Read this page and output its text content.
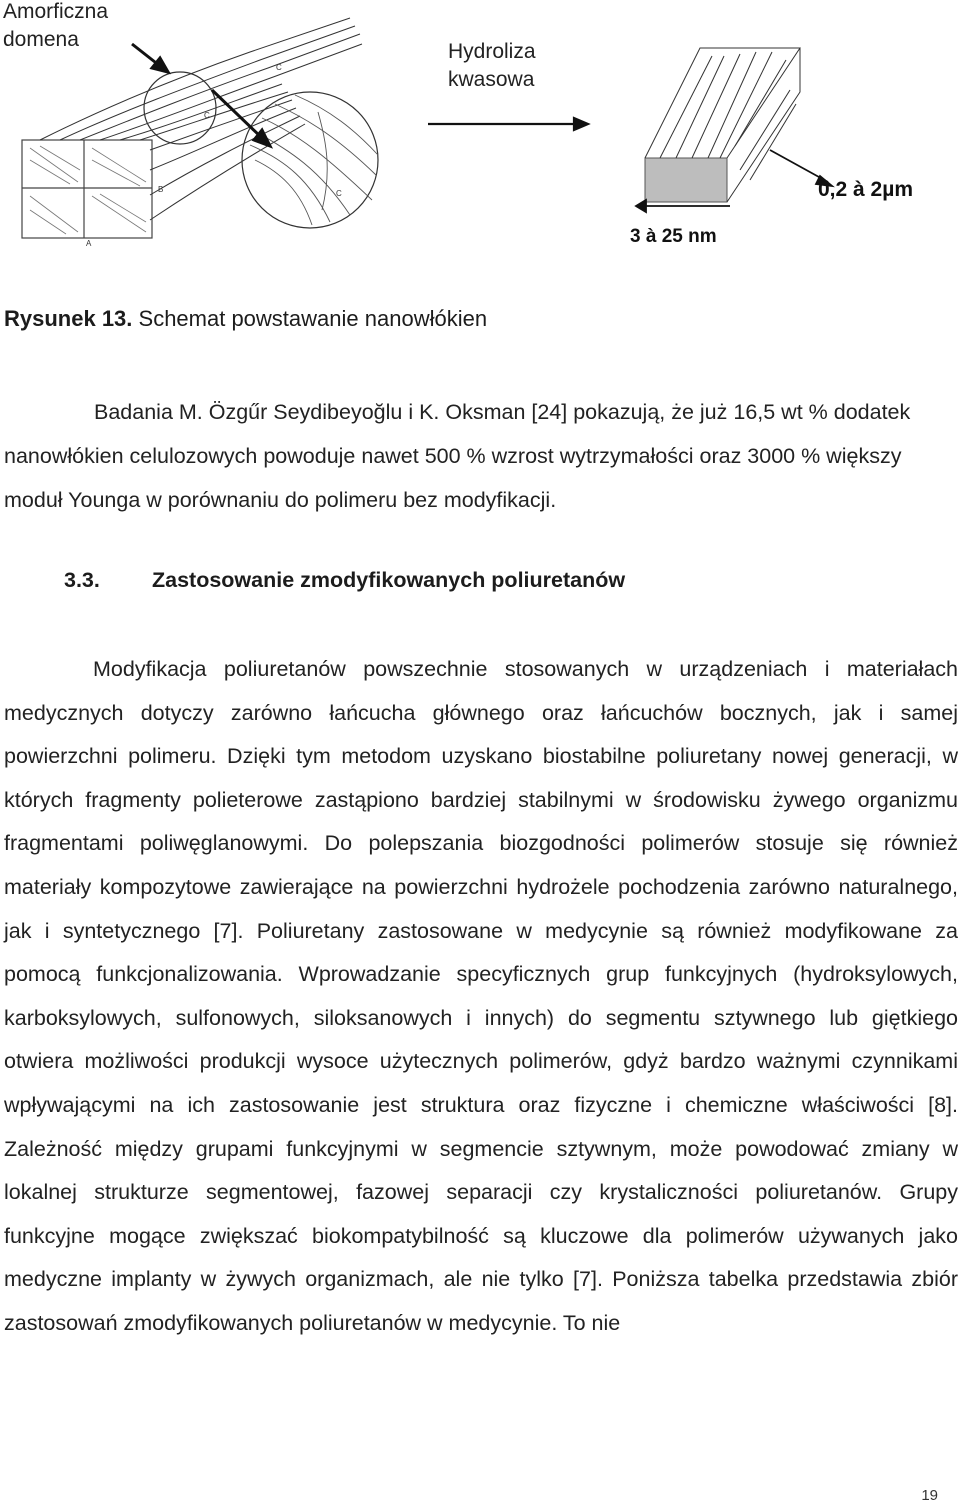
C
C
C
B
A
Amorficzna
domena
Hydroliza
kwasowa
0,2 à 2µm
3 à 25 nm
Rysunek 13. Schemat powstawanie nanowłókien
Badania M. Özgűr Seydibeyoğlu i K. Oksman [24] pokazują, że już 16,5 wt % dodatek nanowłókien celulozowych powoduje nawet 500 % wzrost wytrzymałości oraz 3000 % większy moduł Younga w porównaniu do polimeru bez modyfikacji.
3.3. Zastosowanie zmodyfikowanych poliuretanów
Modyfikacja poliuretanów powszechnie stosowanych w urządzeniach i materiałach medycznych dotyczy zarówno łańcucha głównego oraz łańcuchów bocznych, jak i samej powierzchni polimeru. Dzięki tym metodom uzyskano biostabilne poliuretany nowej generacji, w których fragmenty polieterowe zastąpiono bardziej stabilnymi w środowisku żywego organizmu fragmentami poliwęglanowymi. Do polepszania biozgodności polimerów stosuje się również materiały kompozytowe zawierające na powierzchni hydrożele pochodzenia zarówno naturalnego, jak i syntetycznego [7]. Poliuretany zastosowane w medycynie są również modyfikowane za pomocą funkcjonalizowania. Wprowadzanie specyficznych grup funkcyjnych (hydroksylowych, karboksylowych, sulfonowych, siloksanowych i innych) do segmentu sztywnego lub giętkiego otwiera możliwości produkcji wysoce użytecznych polimerów, gdyż bardzo ważnymi czynnikami wpływającymi na ich zastosowanie jest struktura oraz fizyczne i chemiczne właściwości [8]. Zależność między grupami funkcyjnymi w segmencie sztywnym, może powodować zmiany w lokalnej strukturze segmentowej, fazowej separacji czy krystaliczności poliuretanów. Grupy funkcyjne mogące zwiększać biokompatybilność są kluczowe dla polimerów używanych jako medyczne implanty w żywych organizmach, ale nie tylko [7]. Poniższa tabelka przedstawia zbiór zastosowań zmodyfikowanych poliuretanów w medycynie. To nie
19
